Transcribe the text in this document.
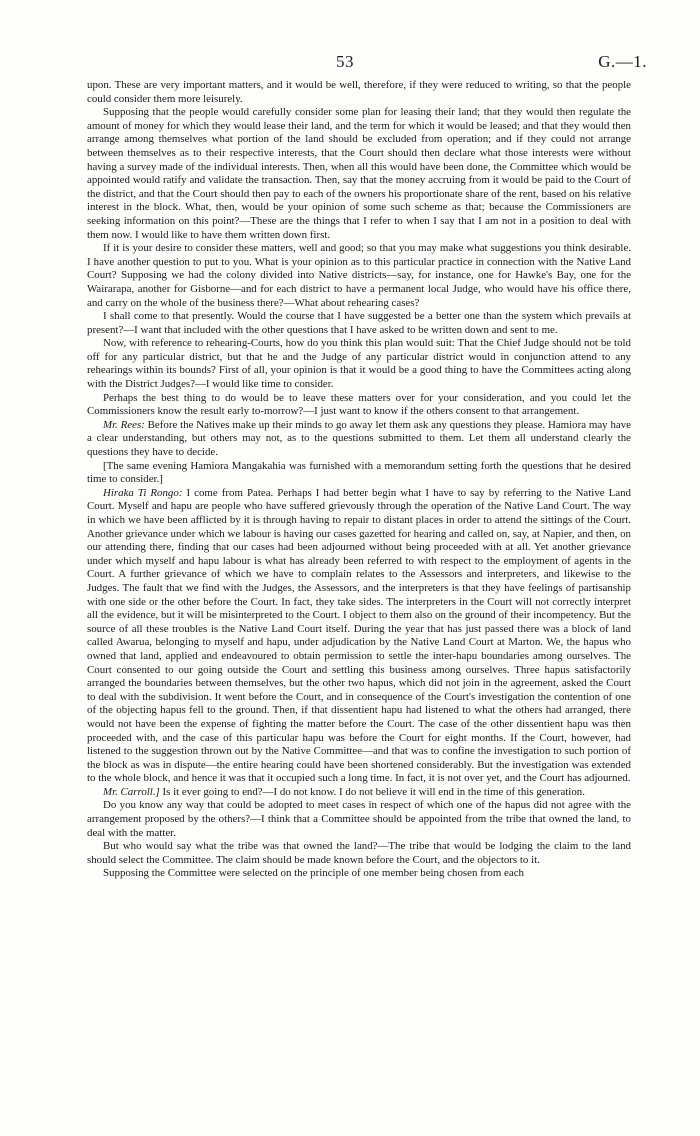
53	G.—1.

upon. These are very important matters, and it would be well, therefore, if they were reduced to writing, so that the people could consider them more leisurely.

Supposing that the people would carefully consider some plan for leasing their land; that they would then regulate the amount of money for which they would lease their land, and the term for which it would be leased; and that they would then arrange among themselves what portion of the land should be excluded from operation; and if they could not arrange between themselves as to their respective interests, that the Court should then declare what those interests were without having a survey made of the individual interests. Then, when all this would have been done, the Committee which would be appointed would ratify and validate the transaction. Then, say that the money accruing from it would be paid to the Court of the district, and that the Court should then pay to each of the owners his proportionate share of the rent, based on his relative interest in the block. What, then, would be your opinion of some such scheme as that; because the Commissioners are seeking information on this point?—These are the things that I refer to when I say that I am not in a position to deal with them now. I would like to have them written down first.

If it is your desire to consider these matters, well and good; so that you may make what suggestions you think desirable. I have another question to put to you. What is your opinion as to this particular practice in connection with the Native Land Court? Supposing we had the colony divided into Native districts—say, for instance, one for Hawke's Bay, one for the Wairarapa, another for Gisborne—and for each district to have a permanent local Judge, who would have his office there, and carry on the whole of the business there?—What about rehearing cases?

I shall come to that presently. Would the course that I have suggested be a better one than the system which prevails at present?—I want that included with the other questions that I have asked to be written down and sent to me.

Now, with reference to rehearing-Courts, how do you think this plan would suit: That the Chief Judge should not be told off for any particular district, but that he and the Judge of any particular district would in conjunction attend to any rehearings within its bounds? First of all, your opinion is that it would be a good thing to have the Committees acting along with the District Judges?—I would like time to consider.

Perhaps the best thing to do would be to leave these matters over for your consideration, and you could let the Commissioners know the result early to-morrow?—I just want to know if the others consent to that arrangement.

Mr. Rees: Before the Natives make up their minds to go away let them ask any questions they please. Hamiora may have a clear understanding, but others may not, as to the questions submitted to them. Let them all understand clearly the questions they have to decide.

[The same evening Hamiora Mangakahia was furnished with a memorandum setting forth the questions that he desired time to consider.]

Hiraka Ti Rongo: I come from Patea. Perhaps I had better begin what I have to say by referring to the Native Land Court. Myself and hapu are people who have suffered grievously through the operation of the Native Land Court. The way in which we have been afflicted by it is through having to repair to distant places in order to attend the sittings of the Court. Another grievance under which we labour is having our cases gazetted for hearing and called on, say, at Napier, and then, on our attending there, finding that our cases had been adjourned without being proceeded with at all. Yet another grievance under which myself and hapu labour is what has already been referred to with respect to the employment of agents in the Court. A further grievance of which we have to complain relates to the Assessors and interpreters, and likewise to the Judges. The fault that we find with the Judges, the Assessors, and the interpreters is that they have feelings of partisanship with one side or the other before the Court. In fact, they take sides. The interpreters in the Court will not correctly interpret all the evidence, but it will be misinterpreted to the Court. I object to them also on the ground of their incompetency. But the source of all these troubles is the Native Land Court itself. During the year that has just passed there was a block of land called Awarua, belonging to myself and hapu, under adjudication by the Native Land Court at Marton. We, the hapus who owned that land, applied and endeavoured to obtain permission to settle the inter-hapu boundaries among ourselves. The Court consented to our going outside the Court and settling this business among ourselves. Three hapus satisfactorily arranged the boundaries between themselves, but the other two hapus, which did not join in the agreement, asked the Court to deal with the subdivision. It went before the Court, and in consequence of the Court's investigation the contention of one of the objecting hapus fell to the ground. Then, if that dissentient hapu had listened to what the others had arranged, there would not have been the expense of fighting the matter before the Court. The case of the other dissentient hapu was then proceeded with, and the case of this particular hapu was before the Court for eight months. If the Court, however, had listened to the suggestion thrown out by the Native Committee—and that was to confine the investigation to such portion of the block as was in dispute—the entire hearing could have been shortened considerably. But the investigation was extended to the whole block, and hence it was that it occupied such a long time. In fact, it is not over yet, and the Court has adjourned.

Mr. Carroll.] Is it ever going to end?—I do not know. I do not believe it will end in the time of this generation.

Do you know any way that could be adopted to meet cases in respect of which one of the hapus did not agree with the arrangement proposed by the others?—I think that a Committee should be appointed from the tribe that owned the land, to deal with the matter.

But who would say what the tribe was that owned the land?—The tribe that would be lodging the claim to the land should select the Committee. The claim should be made known before the Court, and the objectors to it.

Supposing the Committee were selected on the principle of one member being chosen from each
